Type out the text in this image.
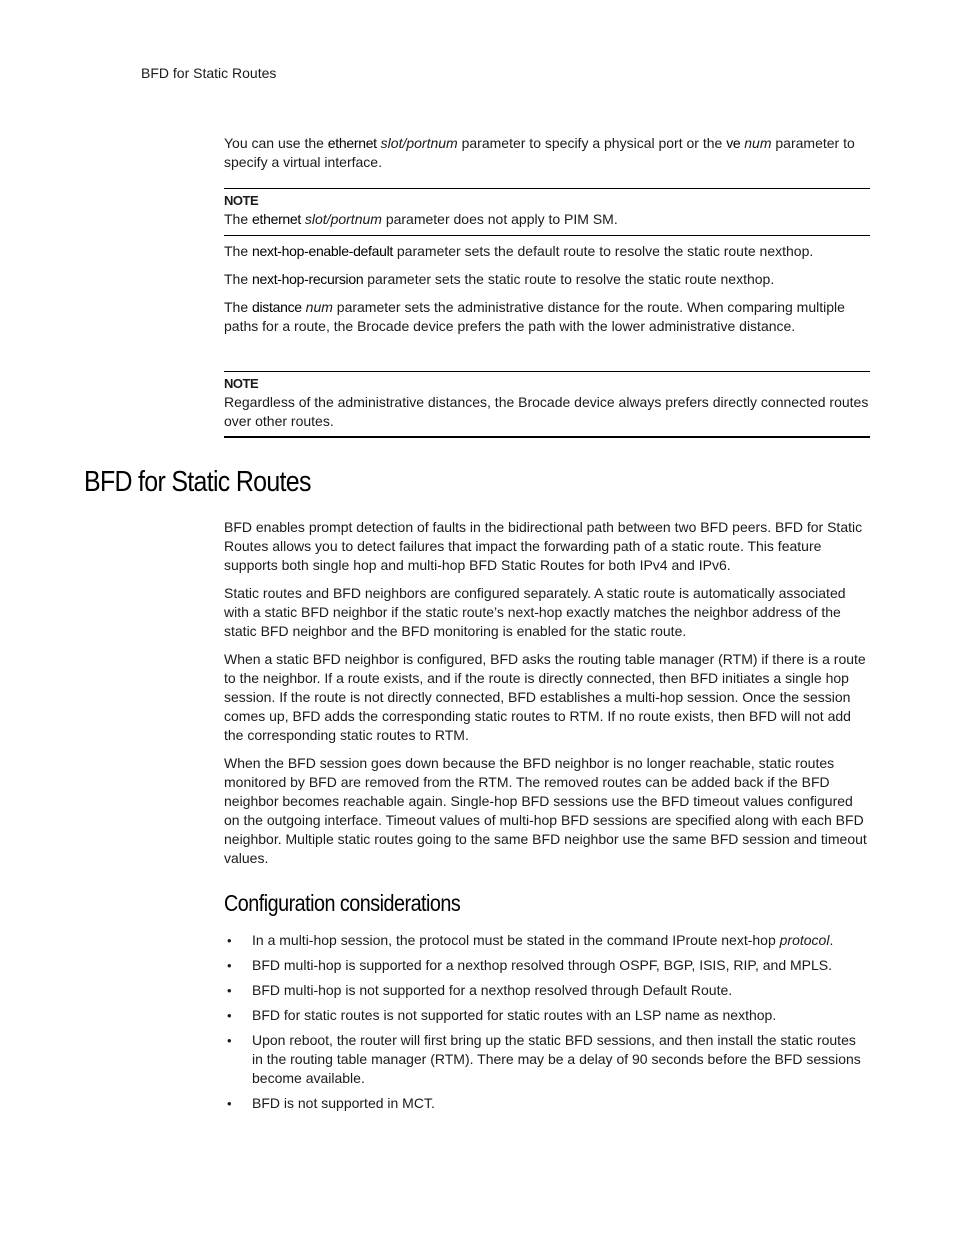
BFD for Static Routes

You can use the ethernet slot/portnum parameter to specify a physical port or the ve num parameter to specify a virtual interface.

NOTE

The ethernet slot/portnum parameter does not apply to PIM SM.

The next-hop-enable-default parameter sets the default route to resolve the static route nexthop.

The next-hop-recursion parameter sets the static route to resolve the static route nexthop.

The distance num parameter sets the administrative distance for the route. When comparing multiple paths for a route, the Brocade device prefers the path with the lower administrative distance.

NOTE

Regardless of the administrative distances, the Brocade device always prefers directly connected routes over other routes.

BFD for Static Routes

BFD enables prompt detection of faults in the bidirectional path between two BFD peers. BFD for Static Routes allows you to detect failures that impact the forwarding path of a static route. This feature supports both single hop and multi-hop BFD Static Routes for both IPv4 and IPv6.

Static routes and BFD neighbors are configured separately. A static route is automatically associated with a static BFD neighbor if the static route’s next-hop exactly matches the neighbor address of the static BFD neighbor and the BFD monitoring is enabled for the static route.

When a static BFD neighbor is configured, BFD asks the routing table manager (RTM) if there is a route to the neighbor. If a route exists, and if the route is directly connected, then BFD initiates a single hop session. If the route is not directly connected, BFD establishes a multi-hop session. Once the session comes up, BFD adds the corresponding static routes to RTM. If no route exists, then BFD will not add the corresponding static routes to RTM.

When the BFD session goes down because the BFD neighbor is no longer reachable, static routes monitored by BFD are removed from the RTM. The removed routes can be added back if the BFD neighbor becomes reachable again. Single-hop BFD sessions use the BFD timeout values configured on the outgoing interface. Timeout values of multi-hop BFD sessions are specified along with each BFD neighbor. Multiple static routes going to the same BFD neighbor use the same BFD session and timeout values.

Configuration considerations
• In a multi-hop session, the protocol must be stated in the command IProute next-hop protocol.
• BFD multi-hop is supported for a nexthop resolved through OSPF, BGP, ISIS, RIP, and MPLS.
• BFD multi-hop is not supported for a nexthop resolved through Default Route.
• BFD for static routes is not supported for static routes with an LSP name as nexthop.
• Upon reboot, the router will first bring up the static BFD sessions, and then install the static routes in the routing table manager (RTM). There may be a delay of 90 seconds before the BFD sessions become available.
• BFD is not supported in MCT.
